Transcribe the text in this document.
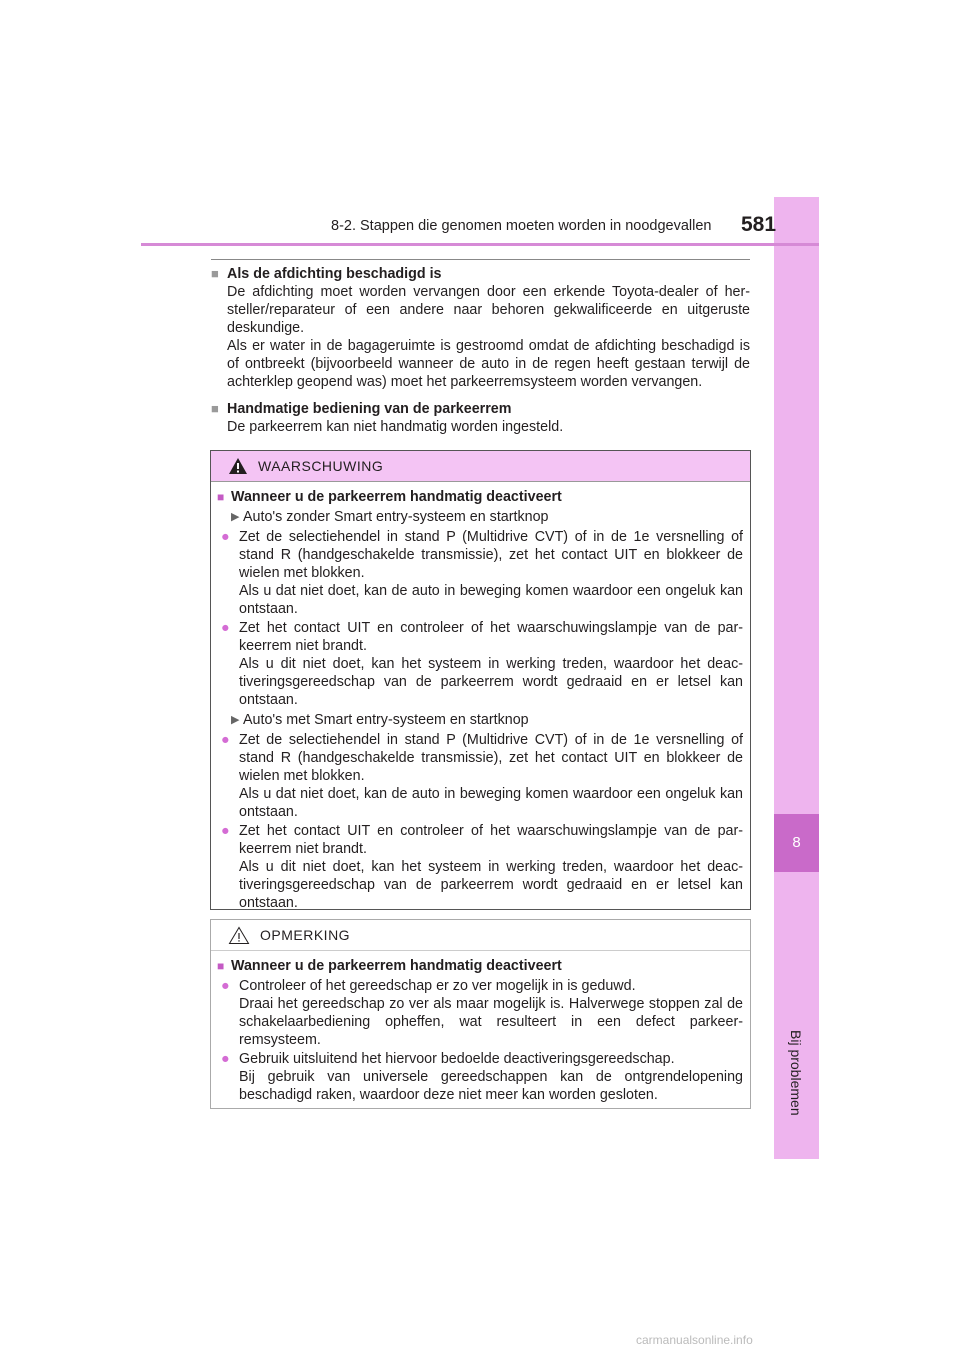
8
Bij problemen
8-2. Stappen die genomen moeten worden in noodgevallen 581
■ Als de afdichting beschadigd is
De afdichting moet worden vervangen door een erkende Toyota-dealer of her-steller/reparateur of een andere naar behoren gekwalificeerde en uitgeruste deskundige.
Als er water in de bagageruimte is gestroomd omdat de afdichting beschadigd is of ontbreekt (bijvoorbeeld wanneer de auto in de regen heeft gestaan terwijl de achterklep geopend was) moet het parkeerremsysteem worden vervangen.
■ Handmatige bediening van de parkeerrem
De parkeerrem kan niet handmatig worden ingesteld.
WAARSCHUWING
■ Wanneer u de parkeerrem handmatig deactiveert
▶ Auto's zonder Smart entry-systeem en startknop
● Zet de selectiehendel in stand P (Multidrive CVT) of in de 1e versnelling of stand R (handgeschakelde transmissie), zet het contact UIT en blokkeer de wielen met blokken.

Als u dat niet doet, kan de auto in beweging komen waardoor een ongeluk kan ontstaan.

● Zet het contact UIT en controleer of het waarschuwingslampje van de par-keerrem niet brandt.

Als u dit niet doet, kan het systeem in werking treden, waardoor het deac-tiveringsgereedschap van de parkeerrem wordt gedraaid en er letsel kan ontstaan.

▶ Auto's met Smart entry-systeem en startknop
● Zet de selectiehendel in stand P (Multidrive CVT) of in de 1e versnelling of stand R (handgeschakelde transmissie), zet het contact UIT en blokkeer de wielen met blokken.

Als u dat niet doet, kan de auto in beweging komen waardoor een ongeluk kan ontstaan.

● Zet het contact UIT en controleer of het waarschuwingslampje van de par-keerrem niet brandt.

Als u dit niet doet, kan het systeem in werking treden, waardoor het deac-tiveringsgereedschap van de parkeerrem wordt gedraaid en er letsel kan ontstaan.

OPMERKING
■ Wanneer u de parkeerrem handmatig deactiveert
● Controleer of het gereedschap er zo ver mogelijk in is geduwd.

Draai het gereedschap zo ver als maar mogelijk is. Halverwege stoppen zal de schakelaarbediening opheffen, wat resulteert in een defect parkeer-remsysteem.

● Gebruik uitsluitend het hiervoor bedoelde deactiveringsgereedschap.

Bij gebruik van universele gereedschappen kan de ontgrendelopening beschadigd raken, waardoor deze niet meer kan worden gesloten.

carmanualsonline.info
